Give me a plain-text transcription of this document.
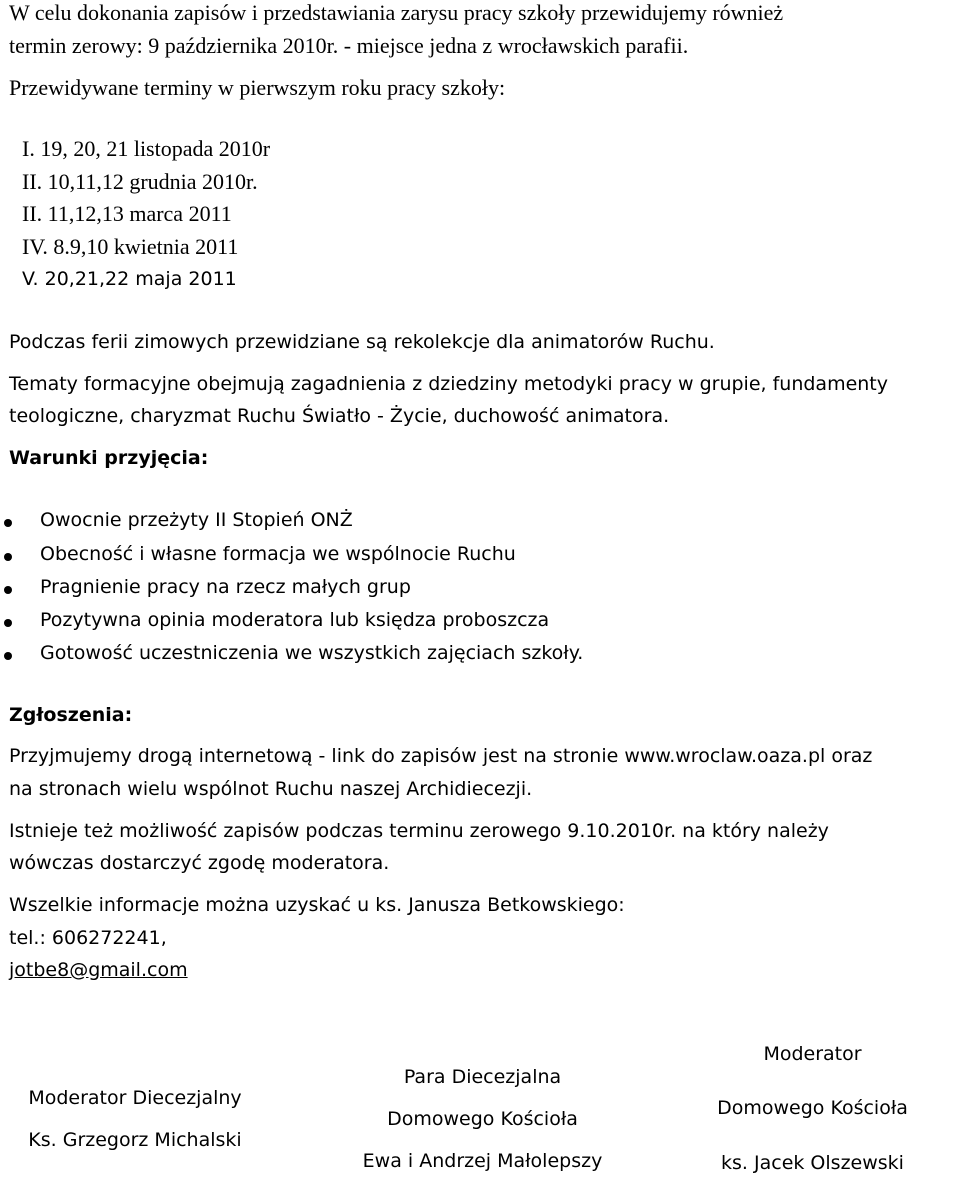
W celu dokonania zapisów i przedstawiania zarysu pracy szkoły przewidujemy również
termin zerowy: 9 października 2010r. - miejsce jedna z wrocławskich parafii.
Przewidywane terminy w pierwszym roku pracy szkoły:
I. 19, 20, 21 listopada 2010r
II. 10,11,12 grudnia 2010r.
II. 11,12,13 marca 2011
IV. 8.9,10 kwietnia 2011
V. 20,21,22 maja 2011
Podczas ferii zimowych przewidziane są rekolekcje dla animatorów Ruchu.
Tematy formacyjne obejmują zagadnienia z dziedziny metodyki pracy w grupie, fundamenty
teologiczne, charyzmat Ruchu Światło - Życie, duchowość animatora.
Warunki przyjęcia:
Owocnie przeżyty II Stopień ONŻ
Obecność i własne formacja we wspólnocie Ruchu
Pragnienie pracy na rzecz małych grup
Pozytywna opinia moderatora lub księdza proboszcza
Gotowość uczestniczenia we wszystkich zajęciach szkoły.
Zgłoszenia:
Przyjmujemy drogą internetową - link do zapisów jest na stronie www.wroclaw.oaza.pl oraz
na stronach wielu wspólnot Ruchu naszej Archidiecezji.
Istnieje też możliwość zapisów podczas terminu zerowego 9.10.2010r. na który należy
wówczas dostarczyć zgodę moderatora.
Wszelkie informacje można uzyskać u ks. Janusza Betkowskiego:
tel.: 606272241,
jotbe8@gmail.com
Moderator Diecezjalny
Ks. Grzegorz Michalski
Para Diecezjalna
Domowego Kościoła
Ewa i Andrzej Małolepszy
Moderator
Domowego Kościoła
ks. Jacek Olszewski
